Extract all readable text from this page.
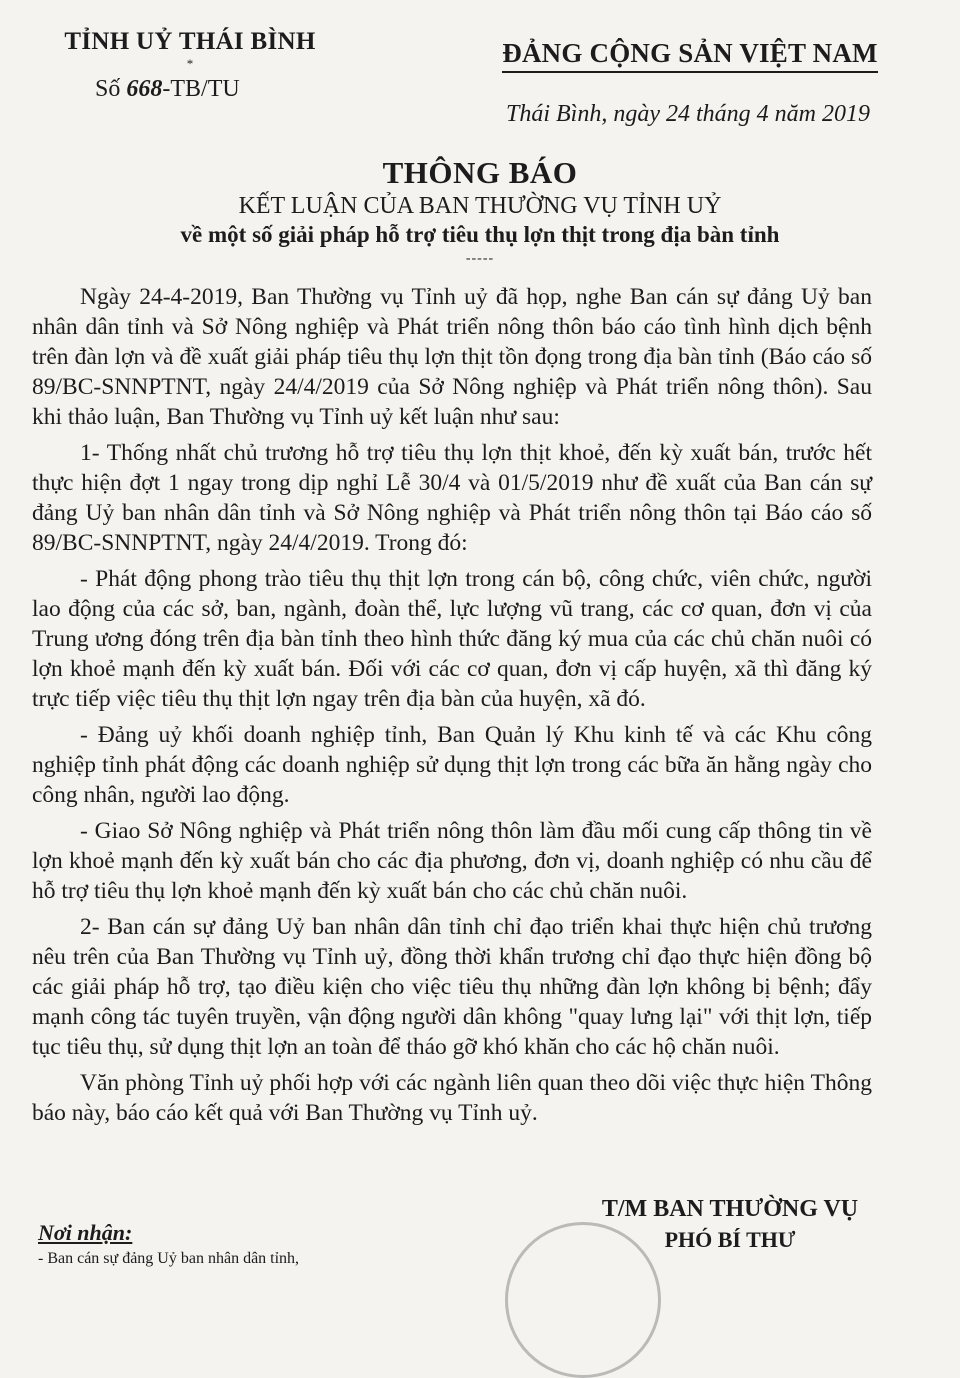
TỈNH UỶ THÁI BÌNH
*
Số 668-TB/TU
ĐẢNG CỘNG SẢN VIỆT NAM
Thái Bình, ngày 24 tháng 4 năm 2019
THÔNG BÁO
KẾT LUẬN CỦA BAN THƯỜNG VỤ TỈNH UỶ
về một số giải pháp hỗ trợ tiêu thụ lợn thịt trong địa bàn tỉnh
-----

Ngày 24-4-2019, Ban Thường vụ Tỉnh uỷ đã họp, nghe Ban cán sự đảng Uỷ ban nhân dân tỉnh và Sở Nông nghiệp và Phát triển nông thôn báo cáo tình hình dịch bệnh trên đàn lợn và đề xuất giải pháp tiêu thụ lợn thịt tồn đọng trong địa bàn tỉnh (Báo cáo số 89/BC-SNNPTNT, ngày 24/4/2019 của Sở Nông nghiệp và Phát triển nông thôn). Sau khi thảo luận, Ban Thường vụ Tỉnh uỷ kết luận như sau:

1- Thống nhất chủ trương hỗ trợ tiêu thụ lợn thịt khoẻ, đến kỳ xuất bán, trước hết thực hiện đợt 1 ngay trong dịp nghỉ Lễ 30/4 và 01/5/2019 như đề xuất của Ban cán sự đảng Uỷ ban nhân dân tỉnh và Sở Nông nghiệp và Phát triển nông thôn tại Báo cáo số 89/BC-SNNPTNT, ngày 24/4/2019. Trong đó:

- Phát động phong trào tiêu thụ thịt lợn trong cán bộ, công chức, viên chức, người lao động của các sở, ban, ngành, đoàn thể, lực lượng vũ trang, các cơ quan, đơn vị của Trung ương đóng trên địa bàn tỉnh theo hình thức đăng ký mua của các chủ chăn nuôi có lợn khoẻ mạnh đến kỳ xuất bán. Đối với các cơ quan, đơn vị cấp huyện, xã thì đăng ký trực tiếp việc tiêu thụ thịt lợn ngay trên địa bàn của huyện, xã đó.

- Đảng uỷ khối doanh nghiệp tỉnh, Ban Quản lý Khu kinh tế và các Khu công nghiệp tỉnh phát động các doanh nghiệp sử dụng thịt lợn trong các bữa ăn hằng ngày cho công nhân, người lao động.

- Giao Sở Nông nghiệp và Phát triển nông thôn làm đầu mối cung cấp thông tin về lợn khoẻ mạnh đến kỳ xuất bán cho các địa phương, đơn vị, doanh nghiệp có nhu cầu để hỗ trợ tiêu thụ lợn khoẻ mạnh đến kỳ xuất bán cho các chủ chăn nuôi.

2- Ban cán sự đảng Uỷ ban nhân dân tỉnh chỉ đạo triển khai thực hiện chủ trương nêu trên của Ban Thường vụ Tỉnh uỷ, đồng thời khẩn trương chỉ đạo thực hiện đồng bộ các giải pháp hỗ trợ, tạo điều kiện cho việc tiêu thụ những đàn lợn không bị bệnh; đẩy mạnh công tác tuyên truyền, vận động người dân không "quay lưng lại" với thịt lợn, tiếp tục tiêu thụ, sử dụng thịt lợn an toàn để tháo gỡ khó khăn cho các hộ chăn nuôi.

Văn phòng Tỉnh uỷ phối hợp với các ngành liên quan theo dõi việc thực hiện Thông báo này, báo cáo kết quả với Ban Thường vụ Tỉnh uỷ.

Nơi nhận:
- Ban cán sự đảng Uỷ ban nhân dân tỉnh,
T/M BAN THƯỜNG VỤ
PHÓ BÍ THƯ
